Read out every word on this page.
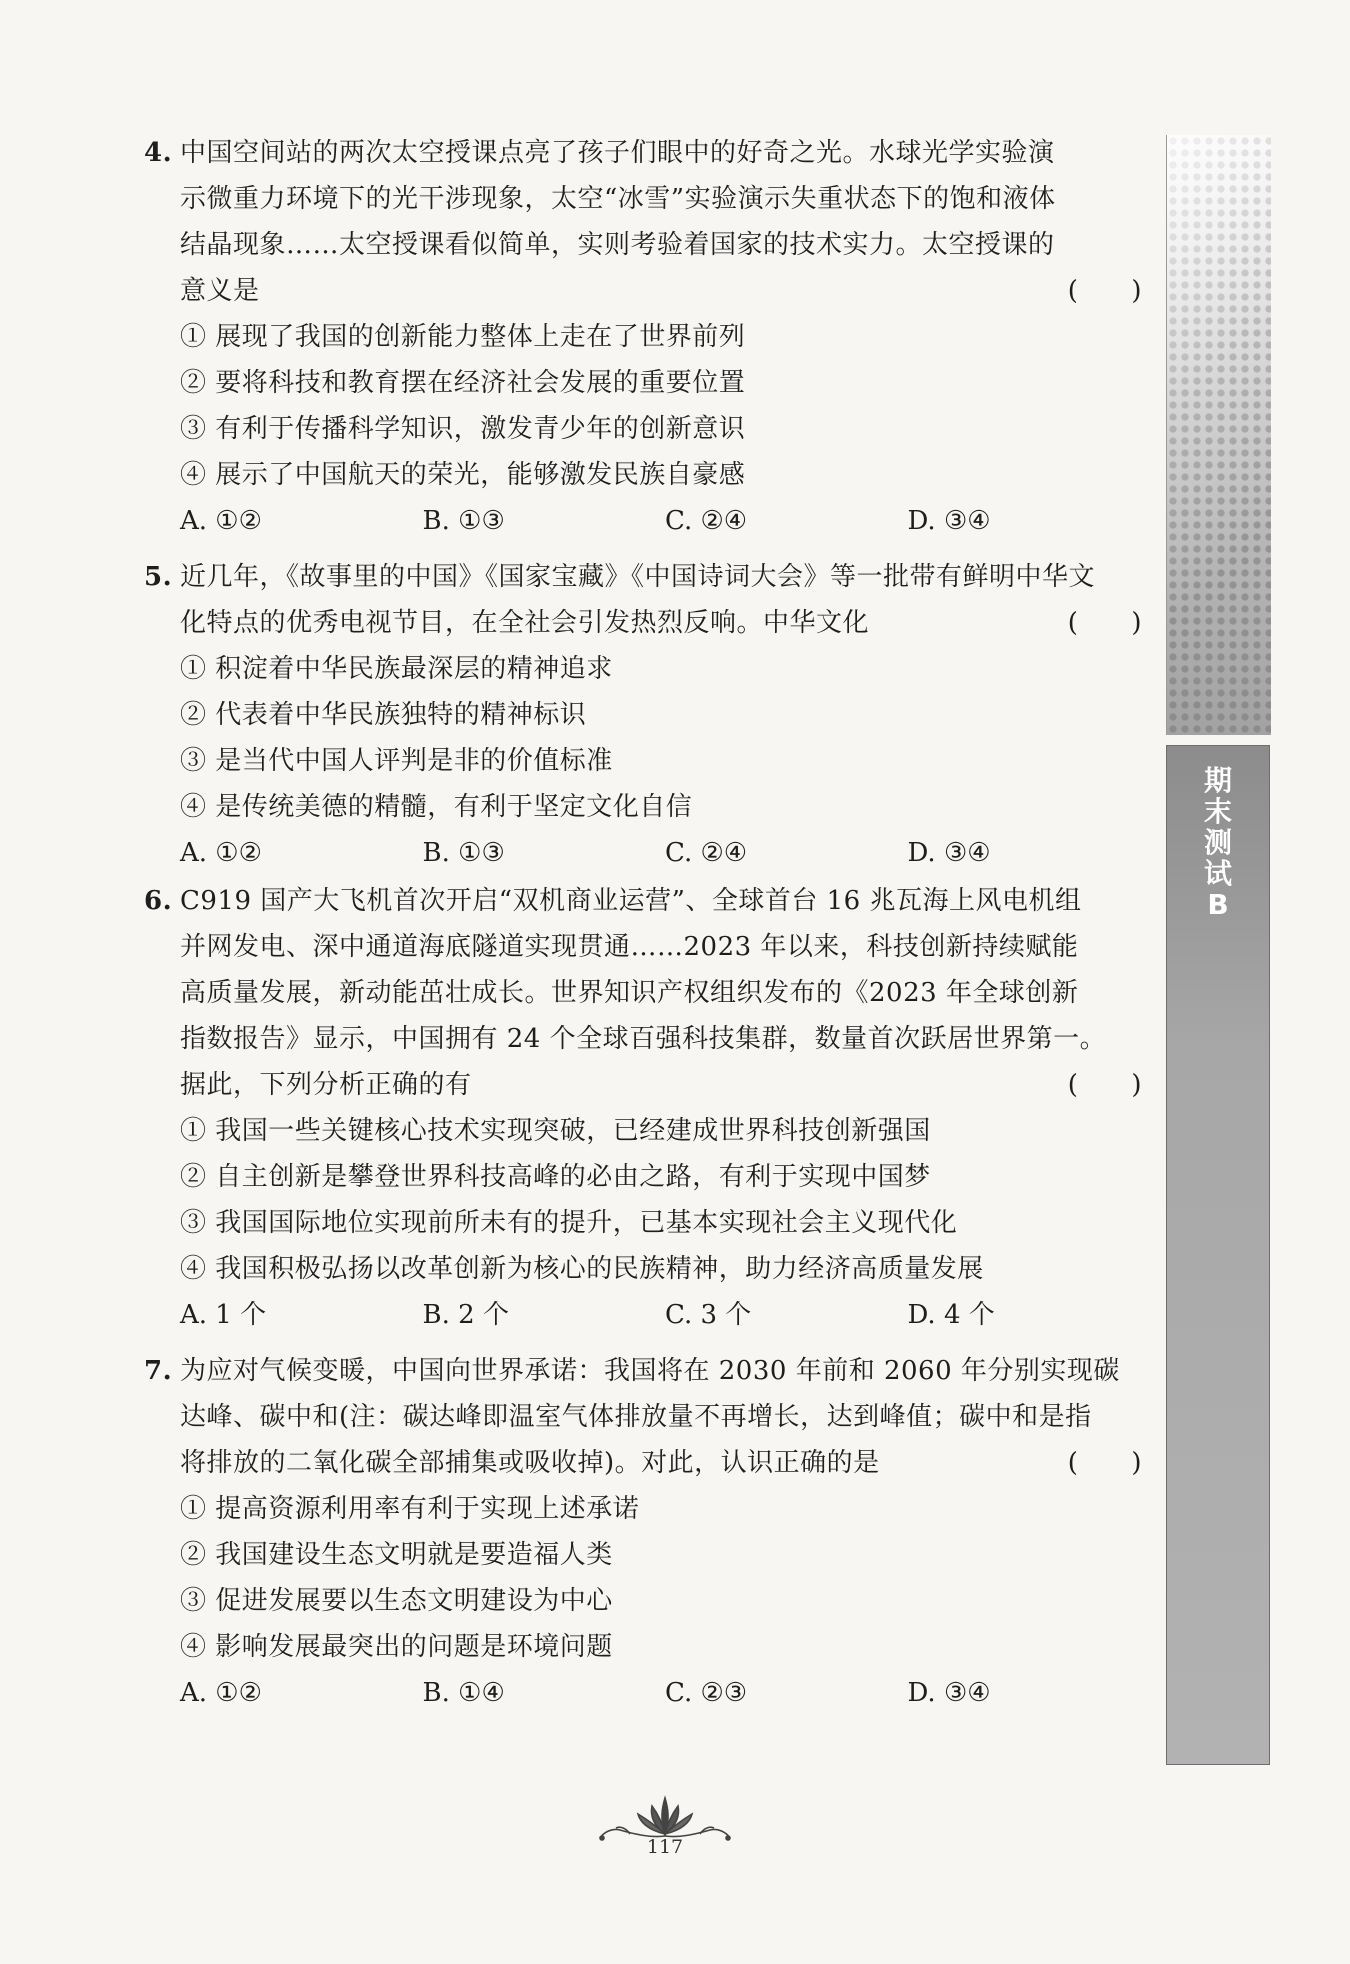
期末测试B
4. 中国空间站的两次太空授课点亮了孩子们眼中的好奇之光。水球光学实验演
示微重力环境下的光干涉现象，太空“冰雪”实验演示失重状态下的饱和液体
结晶现象……太空授课看似简单，实则考验着国家的技术实力。太空授课的
意义是	(　　)
① 展现了我国的创新能力整体上走在了世界前列
② 要将科技和教育摆在经济社会发展的重要位置
③ 有利于传播科学知识，激发青少年的创新意识
④ 展示了中国航天的荣光，能够激发民族自豪感
A. ①②	B. ①③	C. ②④	D. ③④
5. 近几年，《故事里的中国》《国家宝藏》《中国诗词大会》等一批带有鲜明中华文
化特点的优秀电视节目，在全社会引发热烈反响。中华文化	(　　)
① 积淀着中华民族最深层的精神追求
② 代表着中华民族独特的精神标识
③ 是当代中国人评判是非的价值标准
④ 是传统美德的精髓，有利于坚定文化自信
A. ①②	B. ①③	C. ②④	D. ③④
6. C919 国产大飞机首次开启“双机商业运营”、全球首台 16 兆瓦海上风电机组
并网发电、深中通道海底隧道实现贯通……2023 年以来，科技创新持续赋能
高质量发展，新动能茁壮成长。世界知识产权组织发布的《2023 年全球创新
指数报告》显示，中国拥有 24 个全球百强科技集群，数量首次跃居世界第一。
据此，下列分析正确的有	(　　)
① 我国一些关键核心技术实现突破，已经建成世界科技创新强国
② 自主创新是攀登世界科技高峰的必由之路，有利于实现中国梦
③ 我国国际地位实现前所未有的提升，已基本实现社会主义现代化
④ 我国积极弘扬以改革创新为核心的民族精神，助力经济高质量发展
A. 1 个	B. 2 个	C. 3 个	D. 4 个
7. 为应对气候变暖，中国向世界承诺：我国将在 2030 年前和 2060 年分别实现碳
达峰、碳中和(注：碳达峰即温室气体排放量不再增长，达到峰值；碳中和是指
将排放的二氧化碳全部捕集或吸收掉)。对此，认识正确的是	(　　)
① 提高资源利用率有利于实现上述承诺
② 我国建设生态文明就是要造福人类
③ 促进发展要以生态文明建设为中心
④ 影响发展最突出的问题是环境问题
A. ①②	B. ①④	C. ②③	D. ③④
117
